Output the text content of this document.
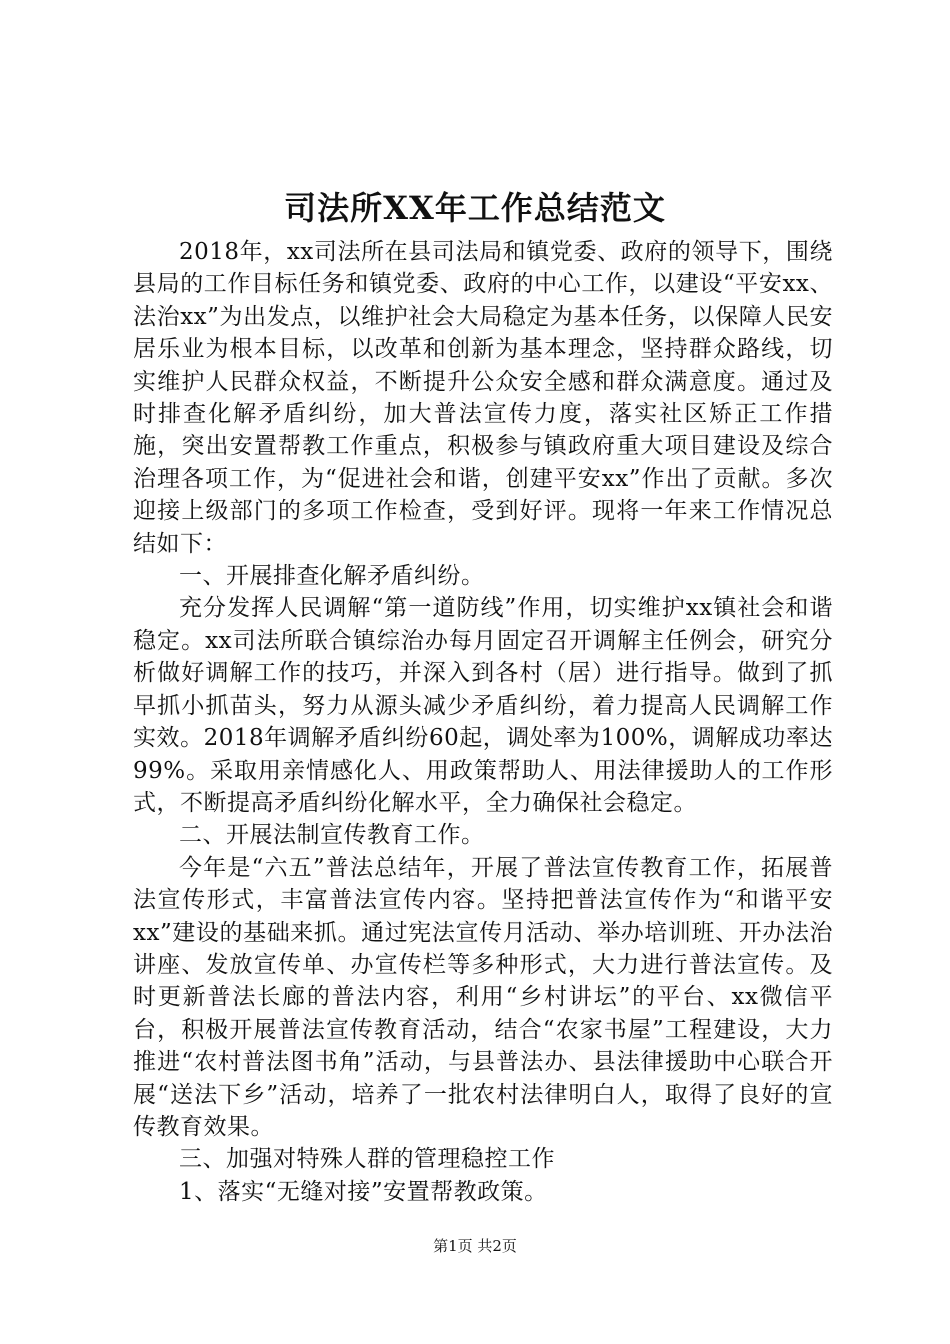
司法所XX年工作总结范文

2018年，xx司法所在县司法局和镇党委、政府的领导下，围绕县局的工作目标任务和镇党委、政府的中心工作，以建设“平安xx、法治xx”为出发点，以维护社会大局稳定为基本任务，以保障人民安居乐业为根本目标，以改革和创新为基本理念，坚持群众路线，切实维护人民群众权益，不断提升公众安全感和群众满意度。通过及时排查化解矛盾纠纷，加大普法宣传力度，落实社区矫正工作措施，突出安置帮教工作重点，积极参与镇政府重大项目建设及综合治理各项工作，为“促进社会和谐，创建平安xx”作出了贡献。多次迎接上级部门的多项工作检查，受到好评。现将一年来工作情况总结如下：

一、开展排查化解矛盾纠纷。

充分发挥人民调解“第一道防线”作用，切实维护xx镇社会和谐稳定。xx司法所联合镇综治办每月固定召开调解主任例会，研究分析做好调解工作的技巧，并深入到各村（居）进行指导。做到了抓早抓小抓苗头，努力从源头减少矛盾纠纷，着力提高人民调解工作实效。2018年调解矛盾纠纷60起，调处率为100%，调解成功率达99%。采取用亲情感化人、用政策帮助人、用法律援助人的工作形式，不断提高矛盾纠纷化解水平，全力确保社会稳定。

二、开展法制宣传教育工作。

今年是“六五”普法总结年，开展了普法宣传教育工作，拓展普法宣传形式，丰富普法宣传内容。坚持把普法宣传作为“和谐平安xx”建设的基础来抓。通过宪法宣传月活动、举办培训班、开办法治讲座、发放宣传单、办宣传栏等多种形式，大力进行普法宣传。及时更新普法长廊的普法内容，利用“乡村讲坛”的平台、xx微信平台，积极开展普法宣传教育活动，结合“农家书屋”工程建设，大力推进“农村普法图书角”活动，与县普法办、县法律援助中心联合开展“送法下乡”活动，培养了一批农村法律明白人，取得了良好的宣传教育效果。

三、加强对特殊人群的管理稳控工作

1、落实“无缝对接”安置帮教政策。

第1页 共2页
